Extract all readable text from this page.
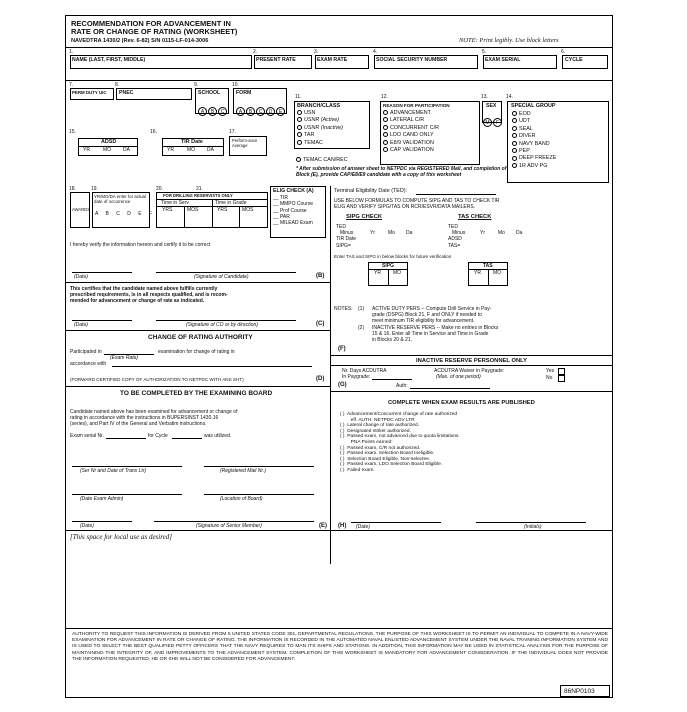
RECOMMENDATION FOR ADVANCEMENT IN
RATE OR CHANGE OF RATING (WORKSHEET)
NAVEDTRA 1430/2 (Rev. 6-82) S/N 0115-LF-014-3006	NOTE: Print legibly. Use block letters
1.
NAME (LAST, FIRST, MIDDLE)
2.
PRESENT RATE
3.
EXAM RATE
4.
SOCIAL SECURITY NUMBER
5.
EXAM SERIAL
6.
CYCLE
7.
PERM DUTY UIC
8.
PNEC
9.
SCHOOL
A B C
10.
FORM
A B C D E
11.
BRANCH/CLASS
USN
USNR (Active)
USNR (Inactive)
TAR
TEMAC
TEMAC CAN/REC
12.
REASON FOR PARTICIPATION
ADVANCEMENT
LATERAL C/R
CONCURRENT C/R
LDO CAND ONLY
E8/9 VALIDATION
CAP VALIDATION
13.
SEX
M F
14.
SPECIAL GROUP
EOD
UDT
SEAL
DIVER
NAVY BAND
PEP
DEEP FREEZE
1R ADV PG
15.
ADSD
YR	MO DA
16.
TIR Date
YR	MO DA
17.
Perform-ance Average
* After submission of answer sheet to NETPDC via REGISTERED Mail, and completion of Block (E), provide CAP/E8/E9 candidate with a copy of this worksheet
18.
AWARDS
19.
YR/MO/DA enter for actual date of occurrence
A B C D E F
20.	21.
FOR DRILLING RESERVISTS ONLY
Time in Serv	Time in Grade
YRS	MOS	YRS	MOS
ELIG CHECK (A)
__ TIR
__ MMPO Course
__ Prof Course
__ PAR
__ MILEAD Exam
I hereby verify the information hereon and certify it to be correct
(Date)	(Signature of Candidate)	(B)
This certifies that the candidate named above fulfills currently
prescribed requirements, is in all respects qualified, and is recom-
mended for advancement or change of rate as indicated.
(Date)	(Signature of CO or by direction)	(C)
CHANGE OF RATING AUTHORITY
Participated in	examination for change of rating in
(Exam Rate)
accordance with
(FORWARD CERTIFIED COPY OF AUTHORIZATION TO NETPDC WITH ANS SHT)	(D)
TO BE COMPLETED BY THE EXAMINING BOARD
Candidate named above has been examined for advancement or change of
rating in accordance with the instructions in BUPERSINST 1430.16
(series), and Part IV of the General and Verbatim instructions.
Exam serial Nr.	for Cycle	was utilized.
(Ser Nr and Date of Trans Ltr)	(Registered Mail Nr.)
(Date Exam Admin)	(Location of Board)
(Date)	(Signature of Senior Member)	(E)
[This space for local use as desired]
Terminal Eligibility Date (TED):
USE BELOW FORMULAS TO COMPUTE SIPG AND TAS TO CHECK TIR
ELIG AND VERIFY SIPG/TAS ON RCR/ESVR/DATA MAILERS.
SIPG CHECK	TAS CHECK
TED	TED
Minus	Yr	Mo Da	Minus	Yr	Mo Da
TIR Date	ADSD
SIPG=	TAS=
Enter TAS and SIPG in below blocks for future verification
SIPG
YR MO
TAS
YR MO
NOTES: (1) ACTIVE DUTY PERS -- Compute Drill Service in Pay-
grade (DSPG) Block 21, F and ONLY if needed to
meet minimum TIR eligibility for advancement.
(2) INACTIVE RESERVE PERS -- Make no entries in Blocks
15 & 16. Enter all Time in Service and Time in Grade
in Blocks 20 & 21.
(F)
INACTIVE RESERVE PERSONNEL ONLY
Nr. Days ACDUTRA
In Paygrade:
ACDUTRA Waiver in Paygrade:	Yes
No
(Max. of one period)
Auth:
(G)
COMPLETE WHEN EXAM RESULTS ARE PUBLISHED
( ) Advancement/Concurrent change of rate authorized
eff. AUTH: NETPDC ADV LTR
( ) Lateral change of rate authorized.
( ) Designated striker authorized.
( ) Passed exam, not advanced due to quota limitations.
PNA Points earned:
( ) Passed exam, C/R not authorized.
( ) Passed exam. Selection Board Ineligible.
( ) Selection Board Eligible, Non-selectee.
( ) Passed exam, LDO Selection Board Eligible.
( ) Failed exam.
(H) (Date)	(Initials)
AUTHORITY TO REQUEST THIS INFORMATION IS DERIVED FROM 5 UNITED STATES CODE 301, DEPARTMENTAL REGULATIONS. THE PURPOSE OF THIS WORKSHEET IS TO PERMIT AN INDIVIDUAL TO COMPETE IN A NAVY-WIDE EXAMINATION FOR ADVANCEMENT IN RATE OR CHANGE OF RATING. THE INFORMATION IS RECORDED IN THE AUTOMATED NAVAL ENLISTED ADVANCEMENT SYSTEM UNDER THE NAVAL TRAINING INFORMATION SYSTEM AND IS USED TO SELECT THE BEST QUALIFIED PETTY OFFICERS THAT THE NAVY REQUIRES TO MAN ITS SHIPS AND STATIONS. IN ADDITION, THIS INFORMATION MAY BE USED IN STATISTICAL ANALYSIS FOR THE PURPOSE OF MAINTAINING THE INTEGRITY OF, AND IMPROVEMENTS TO THE ADVANCEMENT SYSTEM. COMPLETION OF THIS WORKSHEET IS MANDATORY FOR ADVANCEMENT CONSIDERATION. IF THE INDIVIDUAL DOES NOT PROVIDE THE INFORMATION REQUESTED, HE OR SHE WILL NOT BE CONSIDERED FOR ADVANCEMENT.
86NP0103
